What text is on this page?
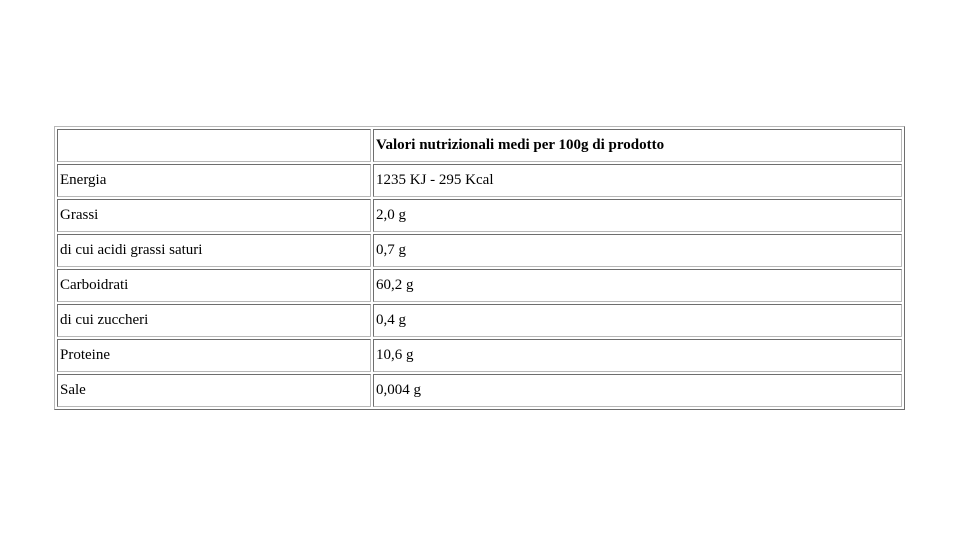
	Valori nutrizionali medi per 100g di prodotto
Energia	1235 KJ - 295 Kcal
Grassi	2,0 g
di cui acidi grassi saturi	0,7 g
Carboidrati	60,2 g
di cui zuccheri	0,4 g
Proteine	10,6 g
Sale	0,004 g
